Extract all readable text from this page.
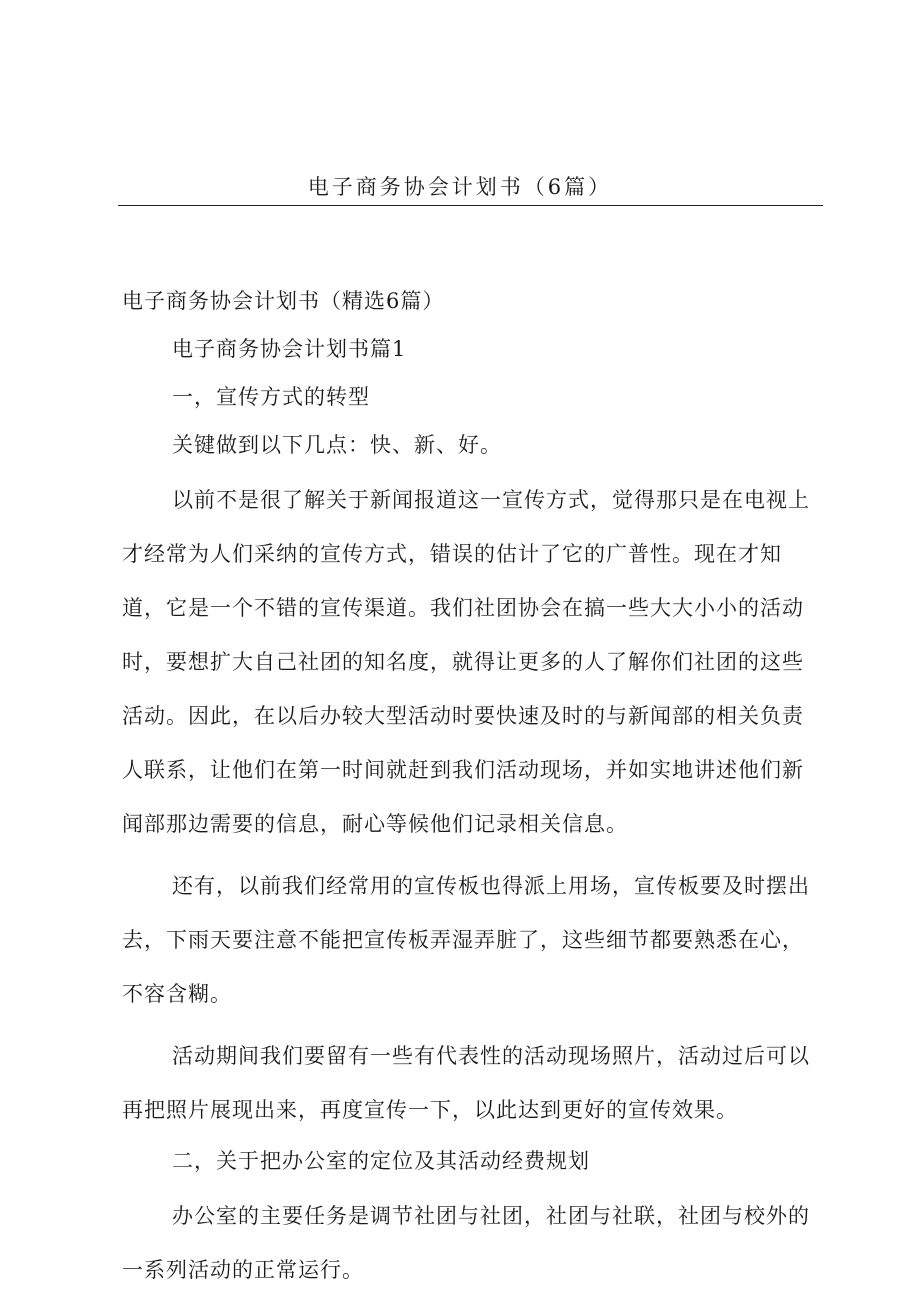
电子商务协会计划书（6篇）

电子商务协会计划书（精选6篇）

电子商务协会计划书篇1

一，宣传方式的转型

关键做到以下几点：快、新、好。

以前不是很了解关于新闻报道这一宣传方式，觉得那只是在电视上才经常为人们采纳的宣传方式，错误的估计了它的广普性。现在才知道，它是一个不错的宣传渠道。我们社团协会在搞一些大大小小的活动时，要想扩大自己社团的知名度，就得让更多的人了解你们社团的这些活动。因此，在以后办较大型活动时要快速及时的与新闻部的相关负责人联系，让他们在第一时间就赶到我们活动现场，并如实地讲述他们新闻部那边需要的信息，耐心等候他们记录相关信息。

还有，以前我们经常用的宣传板也得派上用场，宣传板要及时摆出去，下雨天要注意不能把宣传板弄湿弄脏了，这些细节都要熟悉在心，不容含糊。

活动期间我们要留有一些有代表性的活动现场照片，活动过后可以再把照片展现出来，再度宣传一下，以此达到更好的宣传效果。

二，关于把办公室的定位及其活动经费规划

办公室的主要任务是调节社团与社团，社团与社联，社团与校外的一系列活动的正常运行。
